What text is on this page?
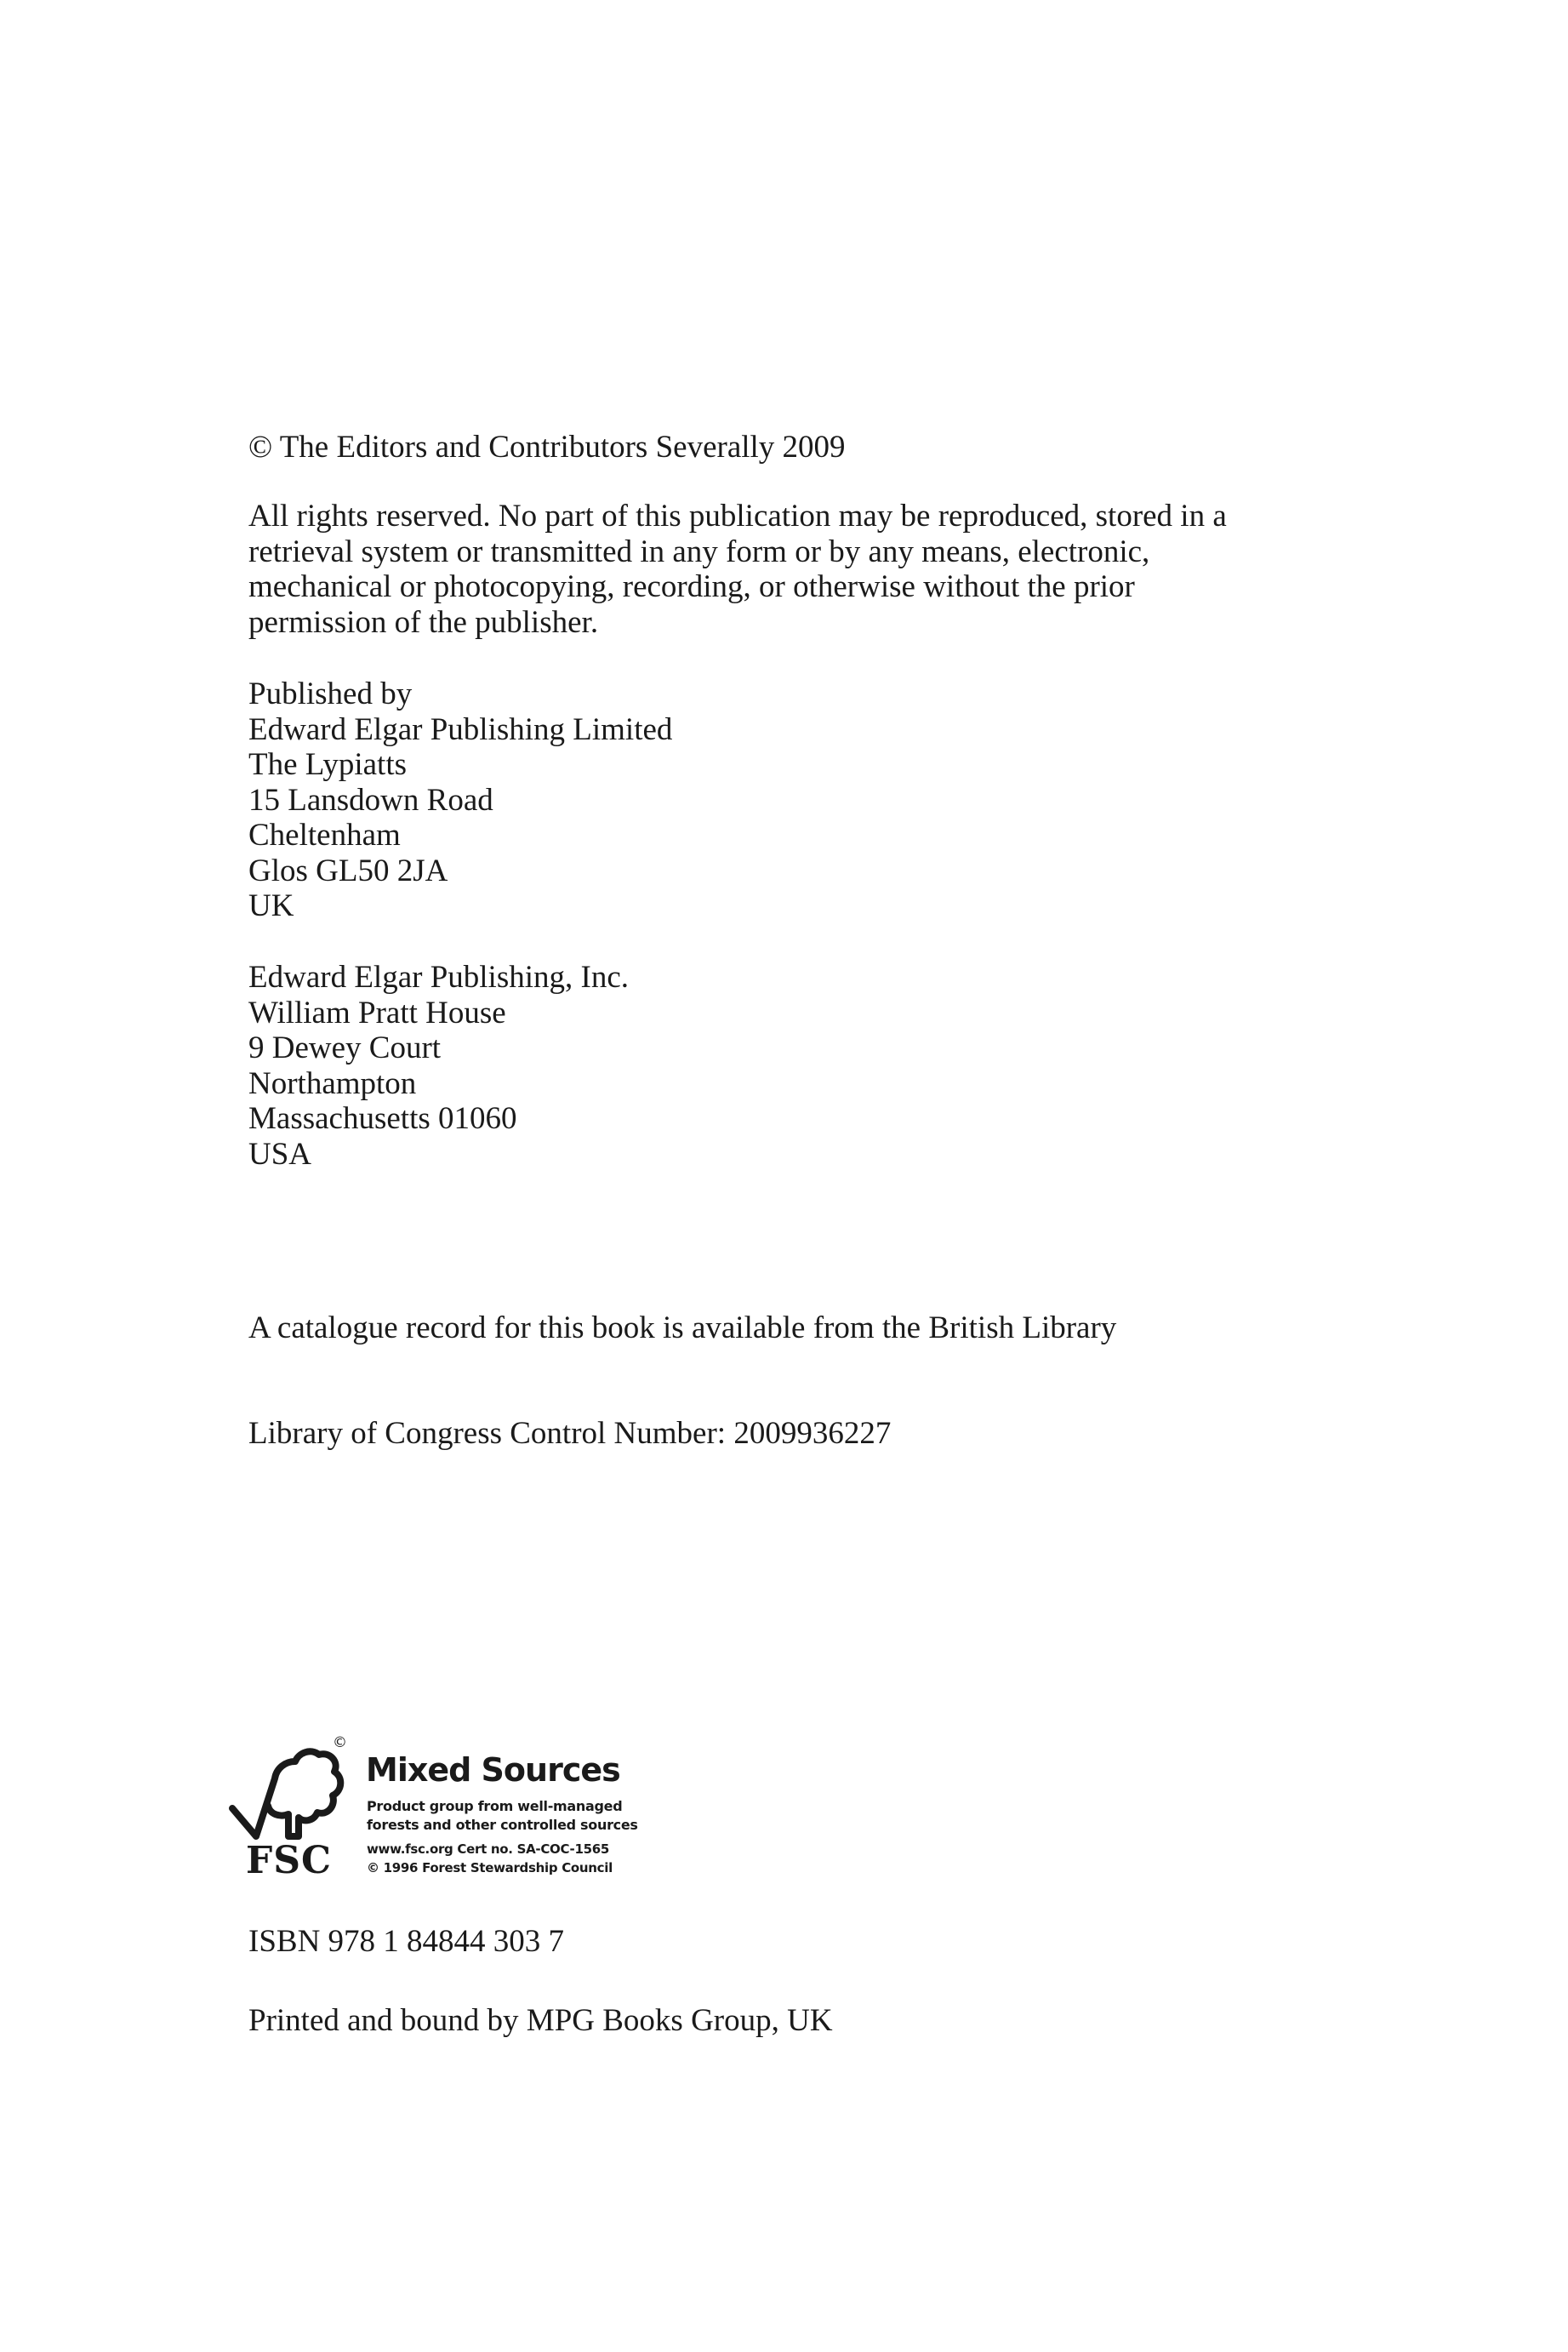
© The Editors and Contributors Severally 2009
All rights reserved. No part of this publication may be reproduced, stored in a
retrieval system or transmitted in any form or by any means, electronic,
mechanical or photocopying, recording, or otherwise without the prior
permission of the publisher.
Published by
Edward Elgar Publishing Limited
The Lypiatts
15 Lansdown Road
Cheltenham
Glos GL50 2JA
UK
Edward Elgar Publishing, Inc.
William Pratt House
9 Dewey Court
Northampton
Massachusetts 01060
USA
A catalogue record for this book is available from the British Library
Library of Congress Control Number: 2009936227
©
FSC
Mixed Sources
Product group from well-managed
forests and other controlled sources
www.fsc.org Cert no. SA-COC-1565
© 1996 Forest Stewardship Council
ISBN 978 1 84844 303 7
Printed and bound by MPG Books Group, UK
